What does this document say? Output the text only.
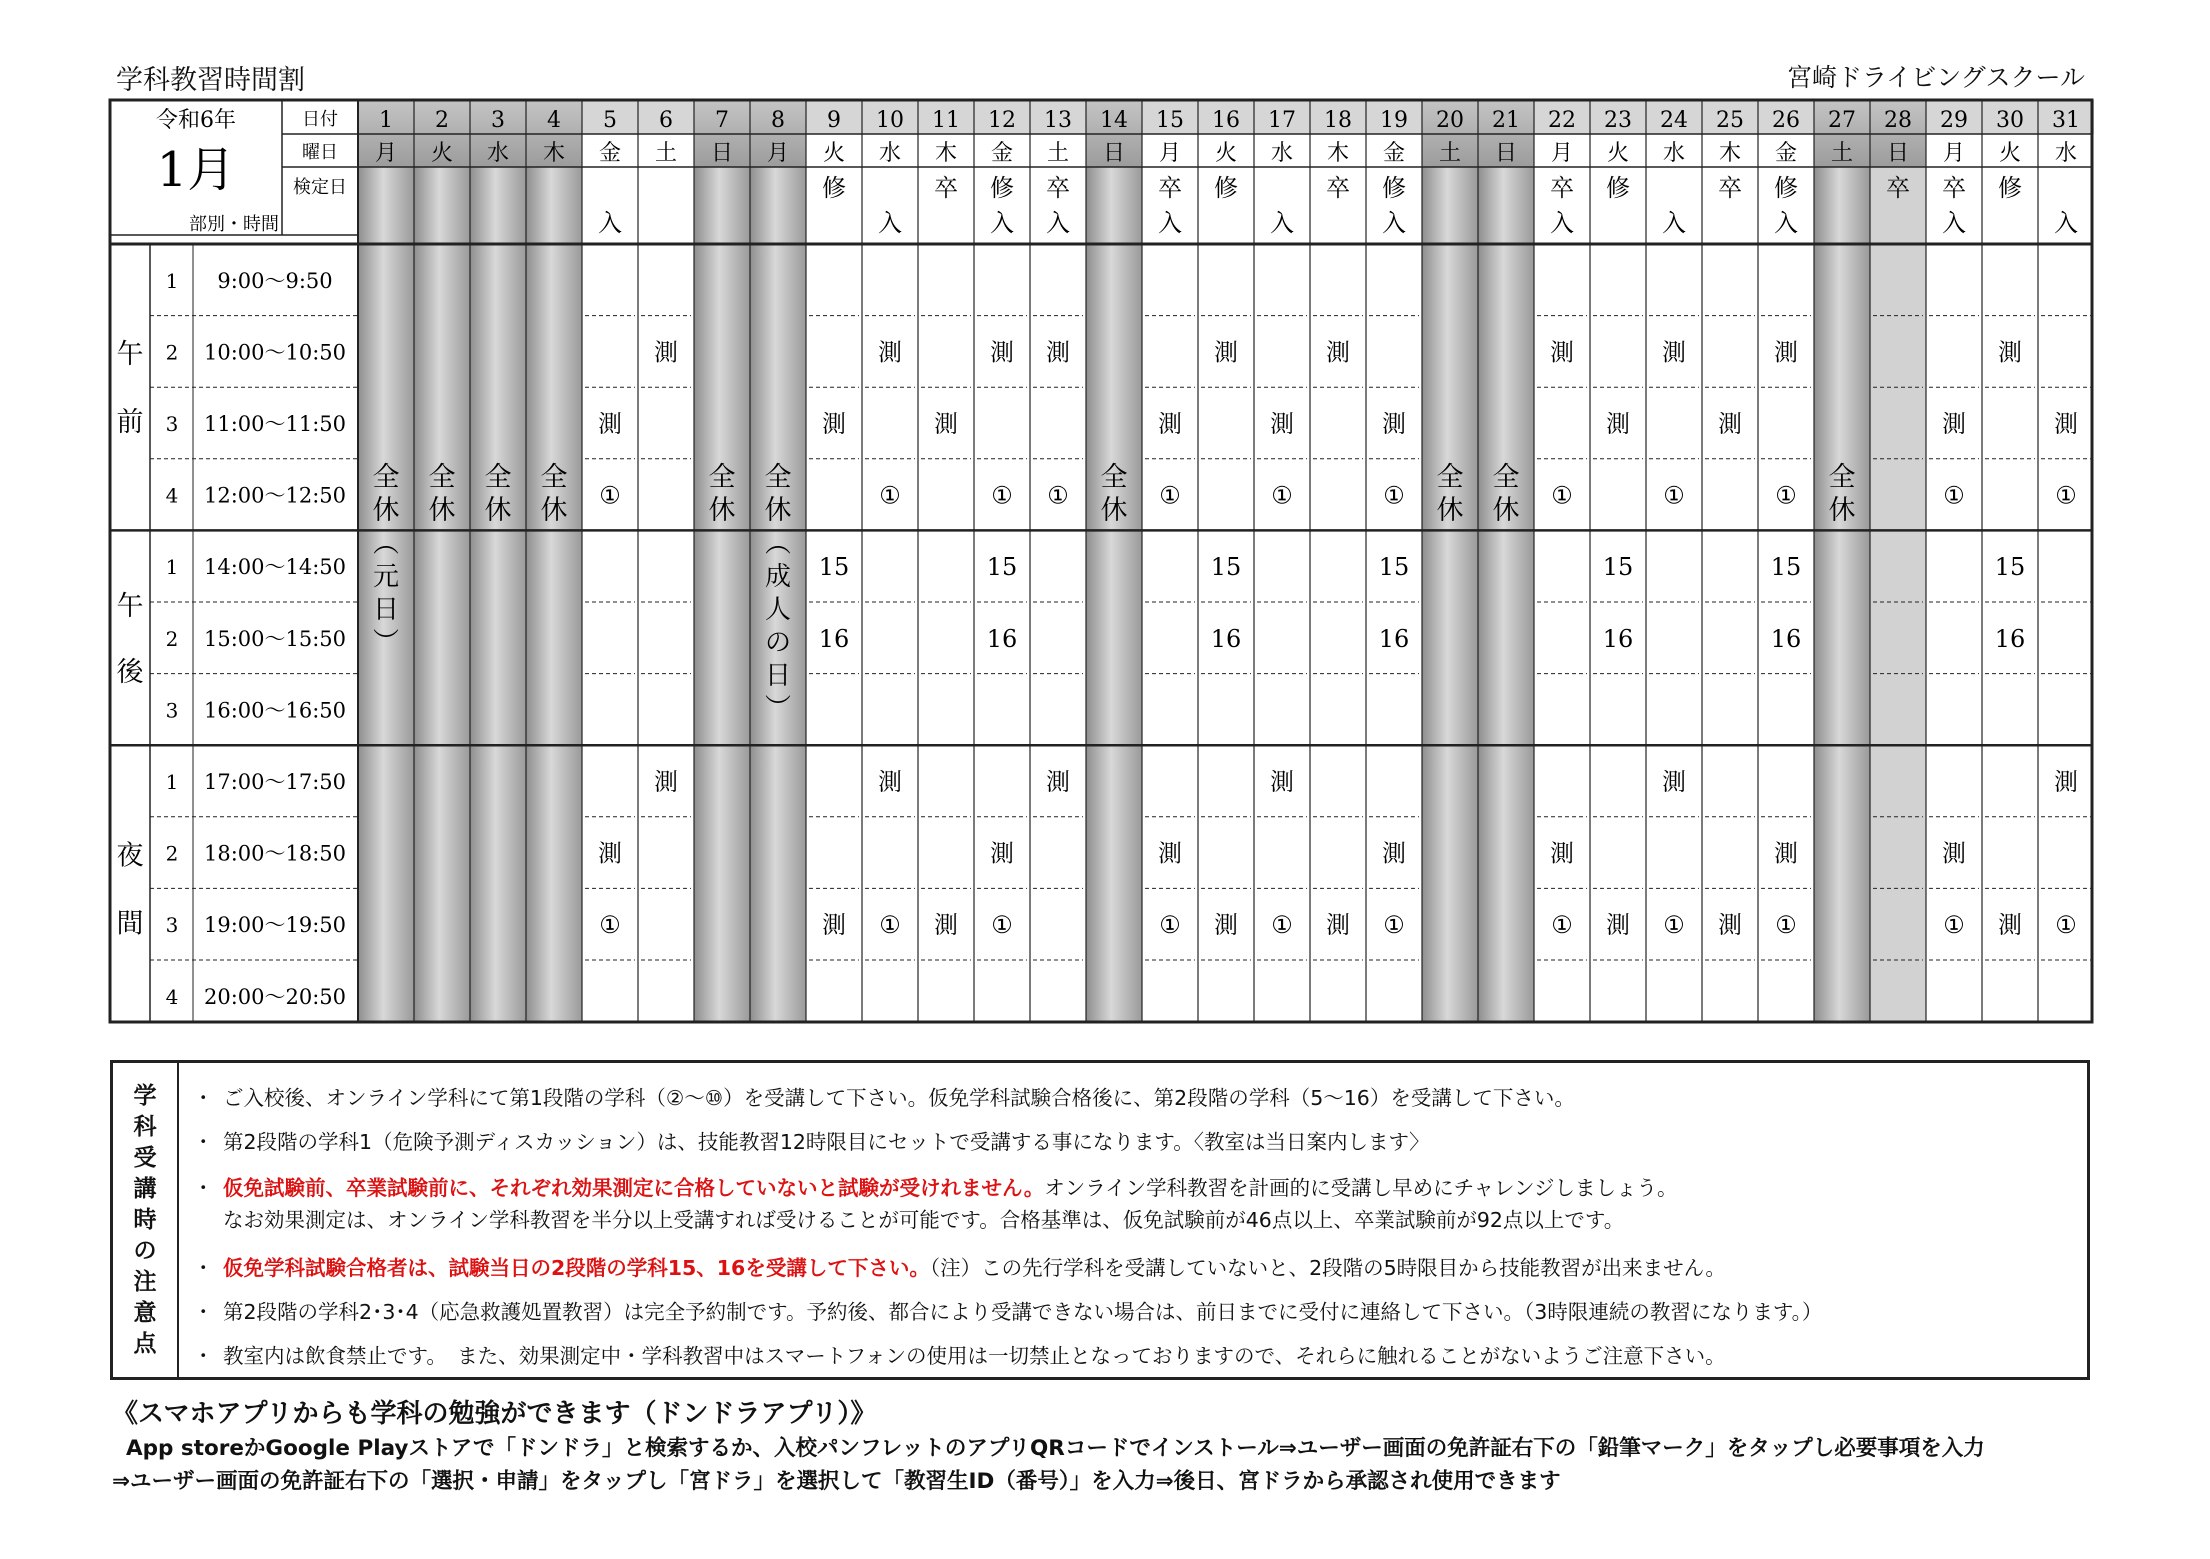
学科教習時間割	宮崎ドライビングスクール
令和6年
1月
日付
曜日
検定日
部別・時間
1
月
2
火
3
水
4
木
5
金
入
6
土
7
日
8
月
9
火
修
10
水
入
11
木
卒
12
金
修
入
13
土
卒
入
14
日
15
月
卒
入
16
火
修
17
水
入
18
木
卒
19
金
修
入
20
土
21
日
22
月
卒
入
23
火
修
24
水
入
25
木
卒
26
金
修
入
27
土
28
日
卒
29
月
卒
入
30
火
修
31
水
入
午
前
午
後
夜
間
1 9:00～9:50
2 10:00～10:50
3 11:00～11:50
4 12:00～12:50
1 14:00～14:50
2 15:00～15:50
3 16:00～16:50
1 17:00～17:50
2 18:00～18:50
3 19:00～19:50
4 20:00～20:50
全
休
︵
元
日
︶
全
休
全
休
全
休
測
①
測
①
測
測
全
休
全
休
︵
成
人
の
日
︶
測
15
16
測
測
①
測
①
測
測
測
①
15
16
測
①
測
①
測
全
休
測
①
測
①
測
15
16
測
測
①
測
①
測
測
測
①
15
16
測
①
全
休
全
休
測
①
測
①
測
15
16
測
測
①
測
①
測
測
測
①
15
16
測
①
全
休
測
①
測
①
測
15
16
測
測
①
測
①
学
科
受
講
時
の
注
意
点
・ ご入校後、オンライン学科にて第1段階の学科（②～⑩）を受講して下さい。仮免学科試験合格後に、第2段階の学科（5～16）を受講して下さい。
・ 第2段階の学科1（危険予測ディスカッション）は、技能教習12時限目にセットで受講する事になります。〈教室は当日案内します〉
・ 仮免試験前、卒業試験前に、それぞれ効果測定に合格していないと試験が受けれません。オンライン学科教習を計画的に受講し早めにチャレンジしましょう。
なお効果測定は、オンライン学科教習を半分以上受講すれば受けることが可能です。合格基準は、仮免試験前が46点以上、卒業試験前が92点以上です。
・ 仮免学科試験合格者は、試験当日の2段階の学科15、16を受講して下さい。（注）この先行学科を受講していないと、2段階の5時限目から技能教習が出来ません。
・ 第2段階の学科2･3･4（応急救護処置教習）は完全予約制です。予約後、都合により受講できない場合は、前日までに受付に連絡して下さい。（3時限連続の教習になります。）
・ 教室内は飲食禁止です。　また、効果測定中・学科教習中はスマートフォンの使用は一切禁止となっておりますので、それらに触れることがないようご注意下さい。
《スマホアプリからも学科の勉強ができます（ドンドラアプリ）》
App storeかGoogle Playストアで「ドンドラ」と検索するか、入校パンフレットのアプリQRコードでインストール⇒ユーザー画面の免許証右下の「鉛筆マーク」をタップし必要事項を入力
⇒ユーザー画面の免許証右下の「選択・申請」をタップし「宮ドラ」を選択して「教習生ID（番号）」を入力⇒後日、宮ドラから承認され使用できます
